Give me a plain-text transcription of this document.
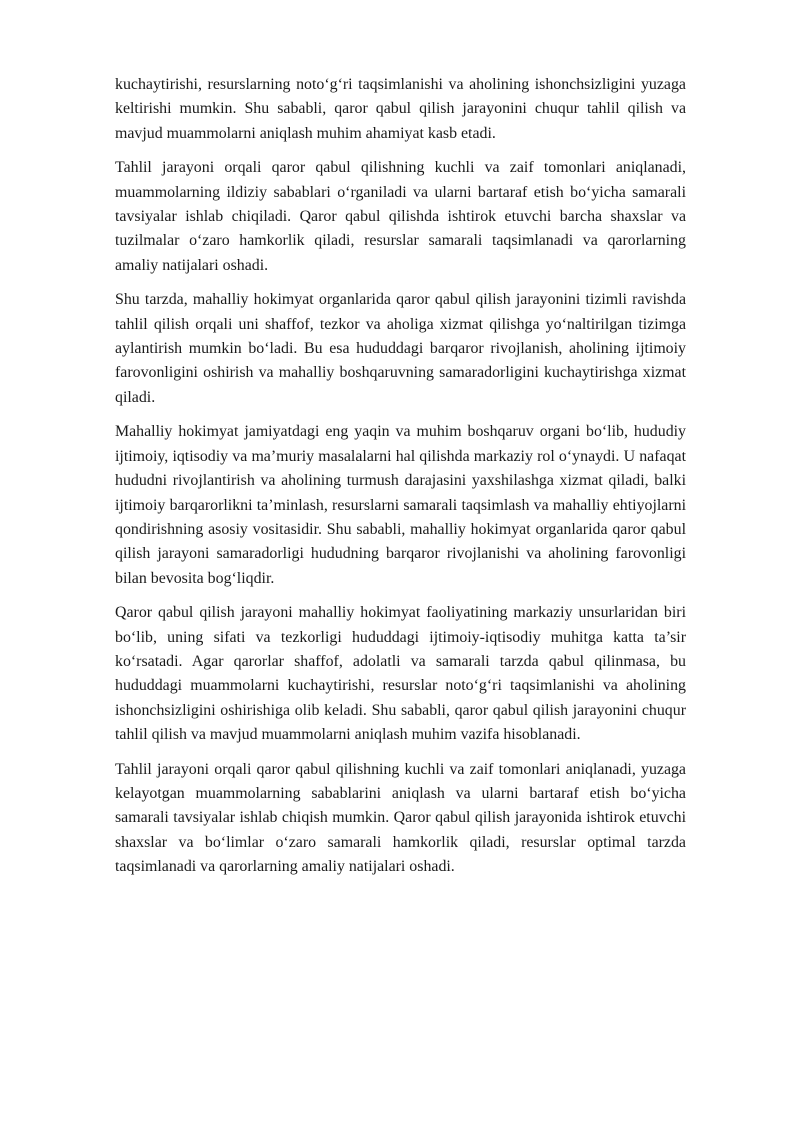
kuchaytirishi, resurslarning noto‘g‘ri taqsimlanishi va aholining ishonchsizligini yuzaga keltirishi mumkin. Shu sababli, qaror qabul qilish jarayonini chuqur tahlil qilish va mavjud muammolarni aniqlash muhim ahamiyat kasb etadi.

Tahlil jarayoni orqali qaror qabul qilishning kuchli va zaif tomonlari aniqlanadi, muammolarning ildiziy sabablari o‘rganiladi va ularni bartaraf etish bo‘yicha samarali tavsiyalar ishlab chiqiladi. Qaror qabul qilishda ishtirok etuvchi barcha shaxslar va tuzilmalar o‘zaro hamkorlik qiladi, resurslar samarali taqsimlanadi va qarorlarning amaliy natijalari oshadi.

Shu tarzda, mahalliy hokimyat organlarida qaror qabul qilish jarayonini tizimli ravishda tahlil qilish orqali uni shaffof, tezkor va aholiga xizmat qilishga yo‘naltirilgan tizimga aylantirish mumkin bo‘ladi. Bu esa hududdagi barqaror rivojlanish, aholining ijtimoiy farovonligini oshirish va mahalliy boshqaruvning samaradorligini kuchaytirishga xizmat qiladi.

Mahalliy hokimyat jamiyatdagi eng yaqin va muhim boshqaruv organi bo‘lib, hududiy ijtimoiy, iqtisodiy va ma’muriy masalalarni hal qilishda markaziy rol o‘ynaydi. U nafaqat hududni rivojlantirish va aholining turmush darajasini yaxshilashga xizmat qiladi, balki ijtimoiy barqarorlikni ta’minlash, resurslarni samarali taqsimlash va mahalliy ehtiyojlarni qondirishning asosiy vositasidir. Shu sababli, mahalliy hokimyat organlarida qaror qabul qilish jarayoni samaradorligi hududning barqaror rivojlanishi va aholining farovonligi bilan bevosita bog‘liqdir.

Qaror qabul qilish jarayoni mahalliy hokimyat faoliyatining markaziy unsurlaridan biri bo‘lib, uning sifati va tezkorligi hududdagi ijtimoiy-iqtisodiy muhitga katta ta’sir ko‘rsatadi. Agar qarorlar shaffof, adolatli va samarali tarzda qabul qilinmasa, bu hududdagi muammolarni kuchaytirishi, resurslar noto‘g‘ri taqsimlanishi va aholining ishonchsizligini oshirishiga olib keladi. Shu sababli, qaror qabul qilish jarayonini chuqur tahlil qilish va mavjud muammolarni aniqlash muhim vazifa hisoblanadi.

Tahlil jarayoni orqali qaror qabul qilishning kuchli va zaif tomonlari aniqlanadi, yuzaga kelayotgan muammolarning sabablarini aniqlash va ularni bartaraf etish bo‘yicha samarali tavsiyalar ishlab chiqish mumkin. Qaror qabul qilish jarayonida ishtirok etuvchi shaxslar va bo‘limlar o‘zaro samarali hamkorlik qiladi, resurslar optimal tarzda taqsimlanadi va qarorlarning amaliy natijalari oshadi.
